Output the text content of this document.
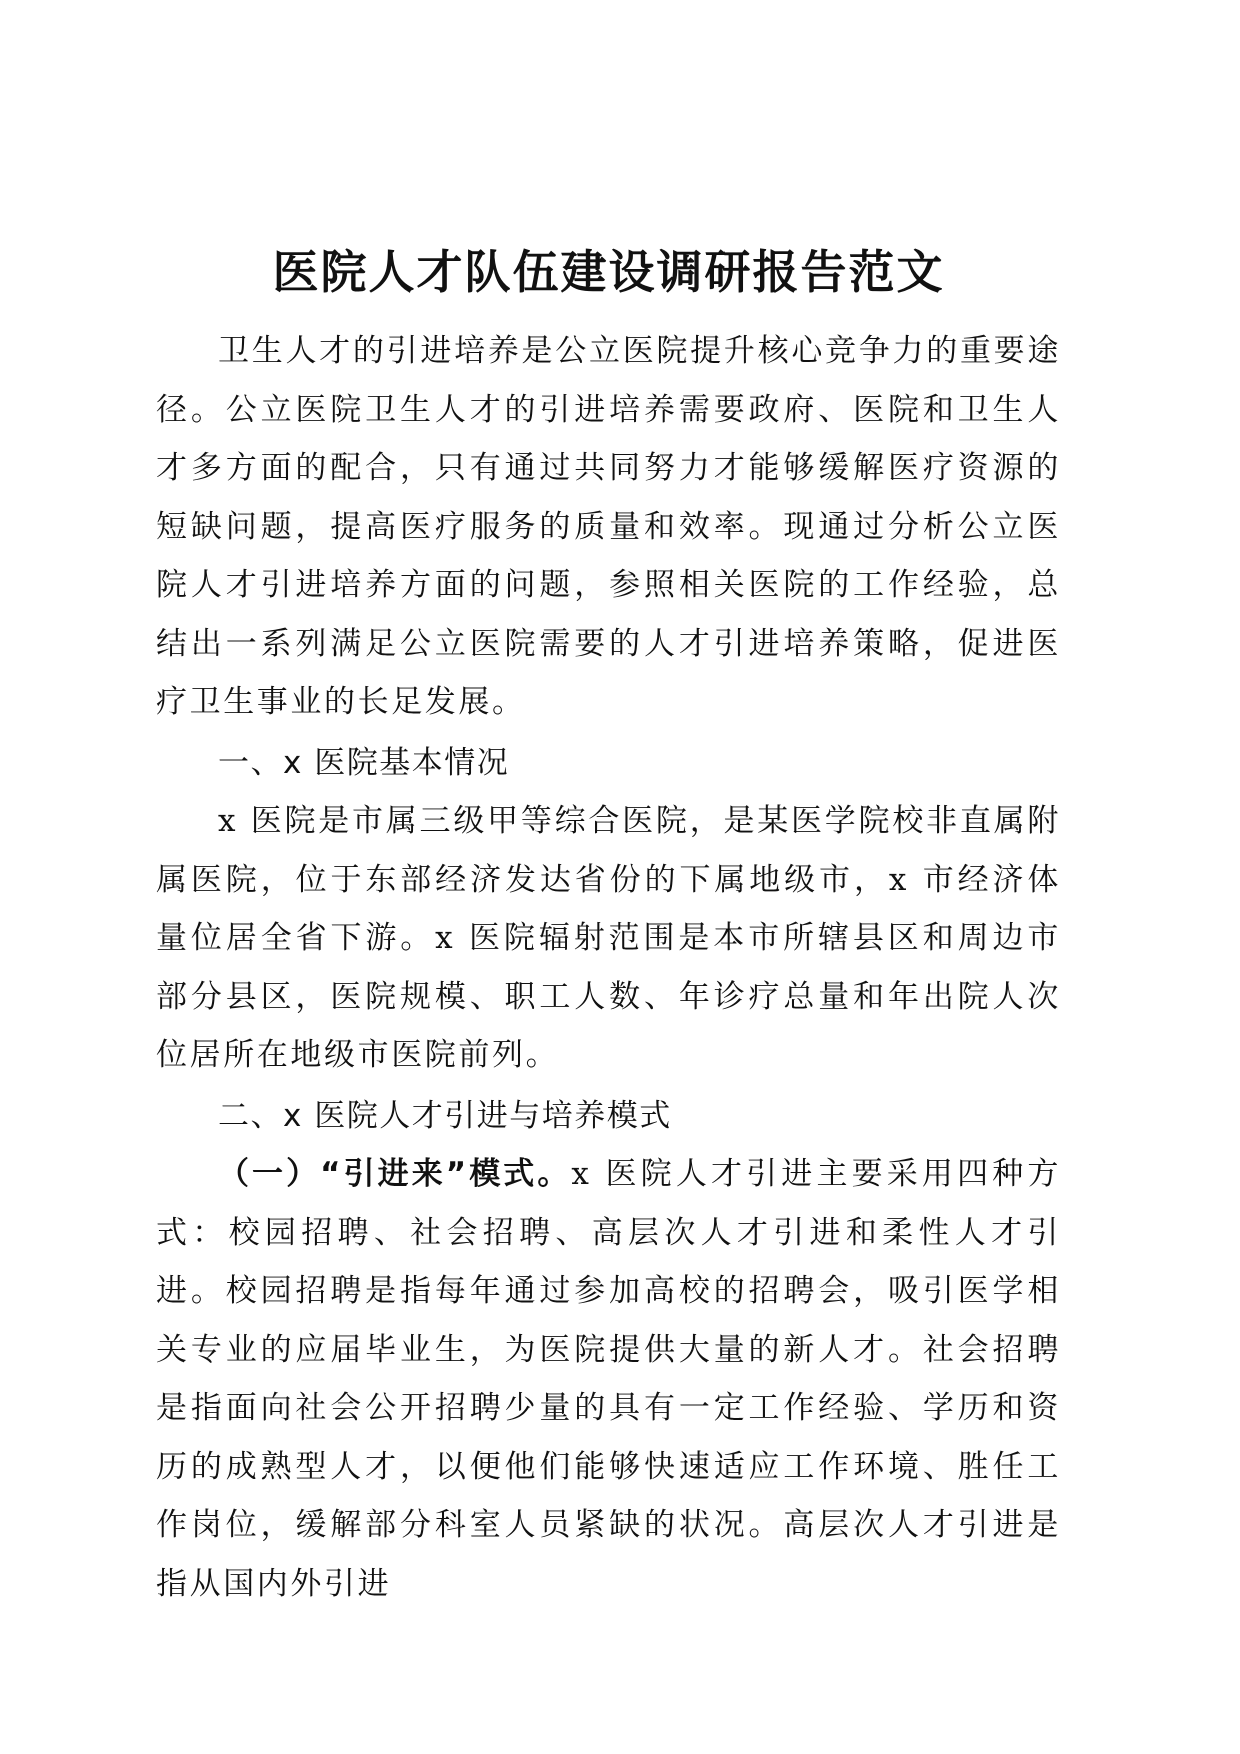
医院人才队伍建设调研报告范文

卫生人才的引进培养是公立医院提升核心竞争力的重要途径。公立医院卫生人才的引进培养需要政府、医院和卫生人才多方面的配合，只有通过共同努力才能够缓解医疗资源的短缺问题，提高医疗服务的质量和效率。现通过分析公立医院人才引进培养方面的问题，参照相关医院的工作经验，总结出一系列满足公立医院需要的人才引进培养策略，促进医疗卫生事业的长足发展。

一、x 医院基本情况

x 医院是市属三级甲等综合医院，是某医学院校非直属附属医院，位于东部经济发达省份的下属地级市，x 市经济体量位居全省下游。x 医院辐射范围是本市所辖县区和周边市部分县区，医院规模、职工人数、年诊疗总量和年出院人次位居所在地级市医院前列。

二、x 医院人才引进与培养模式

（一）“引进来”模式。x 医院人才引进主要采用四种方式：校园招聘、社会招聘、高层次人才引进和柔性人才引进。校园招聘是指每年通过参加高校的招聘会，吸引医学相关专业的应届毕业生，为医院提供大量的新人才。社会招聘是指面向社会公开招聘少量的具有一定工作经验、学历和资历的成熟型人才，以便他们能够快速适应工作环境、胜任工作岗位，缓解部分科室人员紧缺的状况。高层次人才引进是指从国内外引进
